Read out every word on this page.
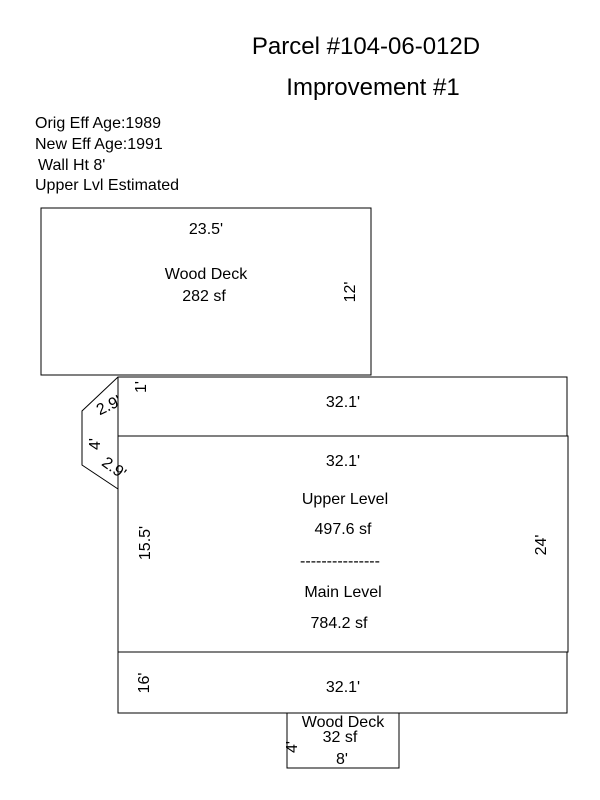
Parcel #104-06-012D
Improvement #1
Orig Eff Age:1989
New Eff Age:1991
Wall Ht 8'
Upper Lvl Estimated
23.5'
Wood Deck
282 sf	12'
32.1'
1'
2.9'
4'
2.9'	32.1'
Upper Level
497.6 sf
---------------
Main Level
784.2 sf
15.5'	24'
16'	32.1'
Wood Deck
32 sf
4'
8'
